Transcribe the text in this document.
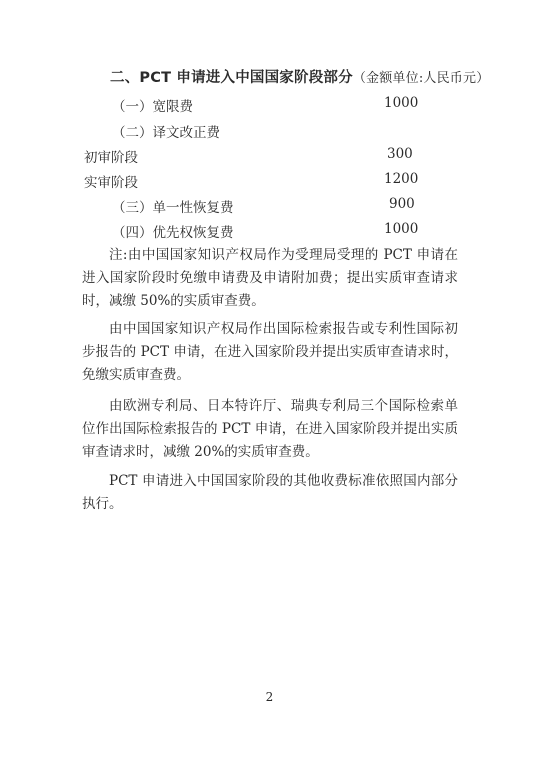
二、PCT 申请进入中国国家阶段部分（金额单位:人民币元）
（一）宽限费	1000
（二）译文改正费
初审阶段	300
实审阶段	1200
（三）单一性恢复费	900
（四）优先权恢复费	1000

注:由中国国家知识产权局作为受理局受理的 PCT 申请在进入国家阶段时免缴申请费及申请附加费；提出实质审查请求时，减缴 50%的实质审查费。

由中国国家知识产权局作出国际检索报告或专利性国际初步报告的 PCT 申请，在进入国家阶段并提出实质审查请求时，免缴实质审查费。

由欧洲专利局、日本特许厅、瑞典专利局三个国际检索单位作出国际检索报告的 PCT 申请，在进入国家阶段并提出实质审查请求时，减缴 20%的实质审查费。

PCT 申请进入中国国家阶段的其他收费标准依照国内部分执行。

2
